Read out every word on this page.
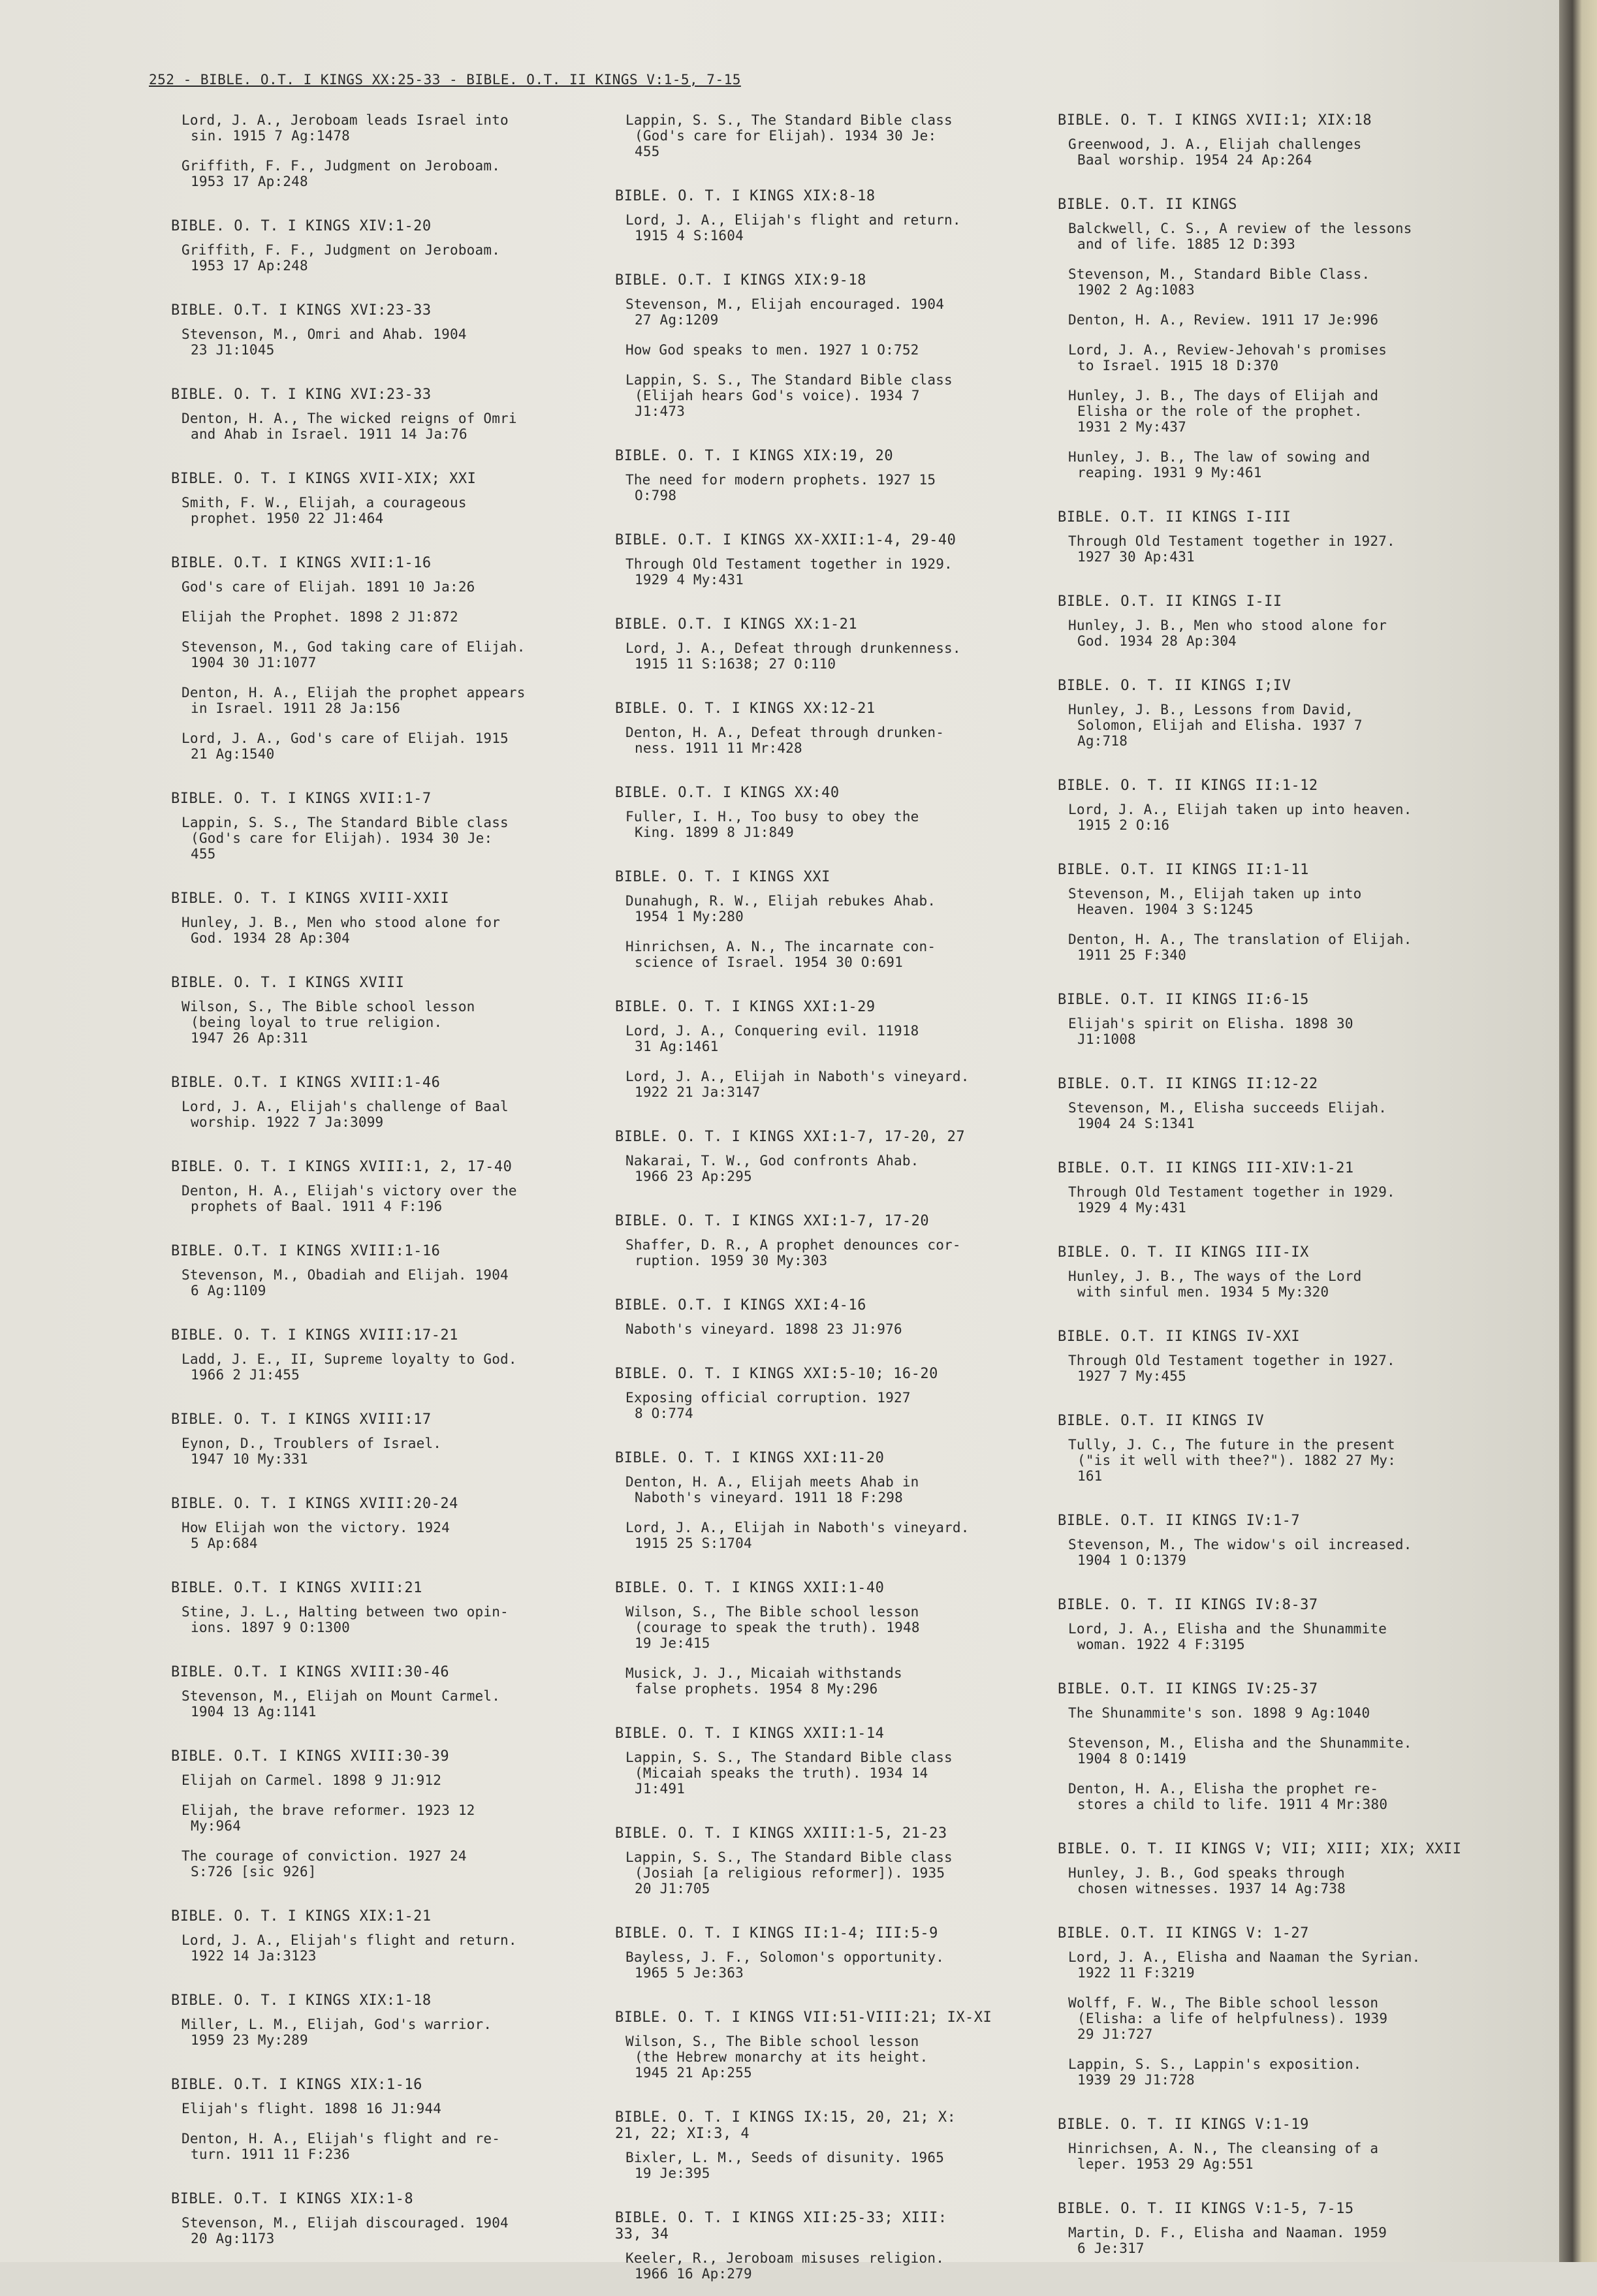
252 - BIBLE. O.T. I KINGS XX:25-33 - BIBLE. O.T. II KINGS V:1-5, 7-15
Lord, J. A., Jeroboam leads Israel into
sin. 1915 7 Ag:1478
Griffith, F. F., Judgment on Jeroboam.
1953 17 Ap:248
BIBLE. O. T. I KINGS XIV:1-20
Griffith, F. F., Judgment on Jeroboam.
1953 17 Ap:248
BIBLE. O.T. I KINGS XVI:23-33
Stevenson, M., Omri and Ahab. 1904
23 J1:1045
BIBLE. O. T. I KING XVI:23-33
Denton, H. A., The wicked reigns of Omri
and Ahab in Israel. 1911 14 Ja:76
BIBLE. O. T. I KINGS XVII-XIX; XXI
Smith, F. W., Elijah, a courageous
prophet. 1950 22 J1:464
BIBLE. O.T. I KINGS XVII:1-16
God's care of Elijah. 1891 10 Ja:26
Elijah the Prophet. 1898 2 J1:872
Stevenson, M., God taking care of Elijah.
1904 30 J1:1077
Denton, H. A., Elijah the prophet appears
in Israel. 1911 28 Ja:156
Lord, J. A., God's care of Elijah. 1915
21 Ag:1540
BIBLE. O. T. I KINGS XVII:1-7
Lappin, S. S., The Standard Bible class
(God's care for Elijah). 1934 30 Je:
455
BIBLE. O. T. I KINGS XVIII-XXII
Hunley, J. B., Men who stood alone for
God. 1934 28 Ap:304
BIBLE. O. T. I KINGS XVIII
Wilson, S., The Bible school lesson
(being loyal to true religion.
1947 26 Ap:311
BIBLE. O.T. I KINGS XVIII:1-46
Lord, J. A., Elijah's challenge of Baal
worship. 1922 7 Ja:3099
BIBLE. O. T. I KINGS XVIII:1, 2, 17-40
Denton, H. A., Elijah's victory over the
prophets of Baal. 1911 4 F:196
BIBLE. O.T. I KINGS XVIII:1-16
Stevenson, M., Obadiah and Elijah. 1904
6 Ag:1109
BIBLE. O. T. I KINGS XVIII:17-21
Ladd, J. E., II, Supreme loyalty to God.
1966 2 J1:455
BIBLE. O. T. I KINGS XVIII:17
Eynon, D., Troublers of Israel.
1947 10 My:331
BIBLE. O. T. I KINGS XVIII:20-24
How Elijah won the victory. 1924
5 Ap:684
BIBLE. O.T. I KINGS XVIII:21
Stine, J. L., Halting between two opin-
ions. 1897 9 O:1300
BIBLE. O.T. I KINGS XVIII:30-46
Stevenson, M., Elijah on Mount Carmel.
1904 13 Ag:1141
BIBLE. O.T. I KINGS XVIII:30-39
Elijah on Carmel. 1898 9 J1:912
Elijah, the brave reformer. 1923 12
My:964
The courage of conviction. 1927 24
S:726 [sic 926]
BIBLE. O. T. I KINGS XIX:1-21
Lord, J. A., Elijah's flight and return.
1922 14 Ja:3123
BIBLE. O. T. I KINGS XIX:1-18
Miller, L. M., Elijah, God's warrior.
1959 23 My:289
BIBLE. O.T. I KINGS XIX:1-16
Elijah's flight. 1898 16 J1:944
Denton, H. A., Elijah's flight and re-
turn. 1911 11 F:236
BIBLE. O.T. I KINGS XIX:1-8
Stevenson, M., Elijah discouraged. 1904
20 Ag:1173
Lappin, S. S., The Standard Bible class
(God's care for Elijah). 1934 30 Je:
455
BIBLE. O. T. I KINGS XIX:8-18
Lord, J. A., Elijah's flight and return.
1915 4 S:1604
BIBLE. O.T. I KINGS XIX:9-18
Stevenson, M., Elijah encouraged. 1904
27 Ag:1209
How God speaks to men. 1927 1 O:752
Lappin, S. S., The Standard Bible class
(Elijah hears God's voice). 1934 7
J1:473
BIBLE. O. T. I KINGS XIX:19, 20
The need for modern prophets. 1927 15
O:798
BIBLE. O.T. I KINGS XX-XXII:1-4, 29-40
Through Old Testament together in 1929.
1929 4 My:431
BIBLE. O.T. I KINGS XX:1-21
Lord, J. A., Defeat through drunkenness.
1915 11 S:1638; 27 O:110
BIBLE. O. T. I KINGS XX:12-21
Denton, H. A., Defeat through drunken-
ness. 1911 11 Mr:428
BIBLE. O.T. I KINGS XX:40
Fuller, I. H., Too busy to obey the
King. 1899 8 J1:849
BIBLE. O. T. I KINGS XXI
Dunahugh, R. W., Elijah rebukes Ahab.
1954 1 My:280
Hinrichsen, A. N., The incarnate con-
science of Israel. 1954 30 O:691
BIBLE. O. T. I KINGS XXI:1-29
Lord, J. A., Conquering evil. 11918
31 Ag:1461
Lord, J. A., Elijah in Naboth's vineyard.
1922 21 Ja:3147
BIBLE. O. T. I KINGS XXI:1-7, 17-20, 27
Nakarai, T. W., God confronts Ahab.
1966 23 Ap:295
BIBLE. O. T. I KINGS XXI:1-7, 17-20
Shaffer, D. R., A prophet denounces cor-
ruption. 1959 30 My:303
BIBLE. O.T. I KINGS XXI:4-16
Naboth's vineyard. 1898 23 J1:976
BIBLE. O. T. I KINGS XXI:5-10; 16-20
Exposing official corruption. 1927
8 O:774
BIBLE. O. T. I KINGS XXI:11-20
Denton, H. A., Elijah meets Ahab in
Naboth's vineyard. 1911 18 F:298
Lord, J. A., Elijah in Naboth's vineyard.
1915 25 S:1704
BIBLE. O. T. I KINGS XXII:1-40
Wilson, S., The Bible school lesson
(courage to speak the truth). 1948
19 Je:415
Musick, J. J., Micaiah withstands
false prophets. 1954 8 My:296
BIBLE. O. T. I KINGS XXII:1-14
Lappin, S. S., The Standard Bible class
(Micaiah speaks the truth). 1934 14
J1:491
BIBLE. O. T. I KINGS XXIII:1-5, 21-23
Lappin, S. S., The Standard Bible class
(Josiah [a religious reformer]). 1935
20 J1:705
BIBLE. O. T. I KINGS II:1-4; III:5-9
Bayless, J. F., Solomon's opportunity.
1965 5 Je:363
BIBLE. O. T. I KINGS VII:51-VIII:21; IX-XI
Wilson, S., The Bible school lesson
(the Hebrew monarchy at its height.
1945 21 Ap:255
BIBLE. O. T. I KINGS IX:15, 20, 21; X:
21, 22; XI:3, 4
Bixler, L. M., Seeds of disunity. 1965
19 Je:395
BIBLE. O. T. I KINGS XII:25-33; XIII:
33, 34
Keeler, R., Jeroboam misuses religion.
1966 16 Ap:279
BIBLE. O. T. I KINGS XVII:1; XIX:18
Greenwood, J. A., Elijah challenges
Baal worship. 1954 24 Ap:264
BIBLE. O.T. II KINGS
Balckwell, C. S., A review of the lessons
and of life. 1885 12 D:393
Stevenson, M., Standard Bible Class.
1902 2 Ag:1083
Denton, H. A., Review. 1911 17 Je:996
Lord, J. A., Review-Jehovah's promises
to Israel. 1915 18 D:370
Hunley, J. B., The days of Elijah and
Elisha or the role of the prophet.
1931 2 My:437
Hunley, J. B., The law of sowing and
reaping. 1931 9 My:461
BIBLE. O.T. II KINGS I-III
Through Old Testament together in 1927.
1927 30 Ap:431
BIBLE. O.T. II KINGS I-II
Hunley, J. B., Men who stood alone for
God. 1934 28 Ap:304
BIBLE. O. T. II KINGS I;IV
Hunley, J. B., Lessons from David,
Solomon, Elijah and Elisha. 1937 7
Ag:718
BIBLE. O. T. II KINGS II:1-12
Lord, J. A., Elijah taken up into heaven.
1915 2 O:16
BIBLE. O.T. II KINGS II:1-11
Stevenson, M., Elijah taken up into
Heaven. 1904 3 S:1245
Denton, H. A., The translation of Elijah.
1911 25 F:340
BIBLE. O.T. II KINGS II:6-15
Elijah's spirit on Elisha. 1898 30
J1:1008
BIBLE. O.T. II KINGS II:12-22
Stevenson, M., Elisha succeeds Elijah.
1904 24 S:1341
BIBLE. O.T. II KINGS III-XIV:1-21
Through Old Testament together in 1929.
1929 4 My:431
BIBLE. O. T. II KINGS III-IX
Hunley, J. B., The ways of the Lord
with sinful men. 1934 5 My:320
BIBLE. O.T. II KINGS IV-XXI
Through Old Testament together in 1927.
1927 7 My:455
BIBLE. O.T. II KINGS IV
Tully, J. C., The future in the present
("is it well with thee?"). 1882 27 My:
161
BIBLE. O.T. II KINGS IV:1-7
Stevenson, M., The widow's oil increased.
1904 1 O:1379
BIBLE. O. T. II KINGS IV:8-37
Lord, J. A., Elisha and the Shunammite
woman. 1922 4 F:3195
BIBLE. O.T. II KINGS IV:25-37
The Shunammite's son. 1898 9 Ag:1040
Stevenson, M., Elisha and the Shunammite.
1904 8 O:1419
Denton, H. A., Elisha the prophet re-
stores a child to life. 1911 4 Mr:380
BIBLE. O. T. II KINGS V; VII; XIII; XIX; XXII
Hunley, J. B., God speaks through
chosen witnesses. 1937 14 Ag:738
BIBLE. O.T. II KINGS V: 1-27
Lord, J. A., Elisha and Naaman the Syrian.
1922 11 F:3219
Wolff, F. W., The Bible school lesson
(Elisha: a life of helpfulness). 1939
29 J1:727
Lappin, S. S., Lappin's exposition.
1939 29 J1:728
BIBLE. O. T. II KINGS V:1-19
Hinrichsen, A. N., The cleansing of a
leper. 1953 29 Ag:551
BIBLE. O. T. II KINGS V:1-5, 7-15
Martin, D. F., Elisha and Naaman. 1959
6 Je:317
